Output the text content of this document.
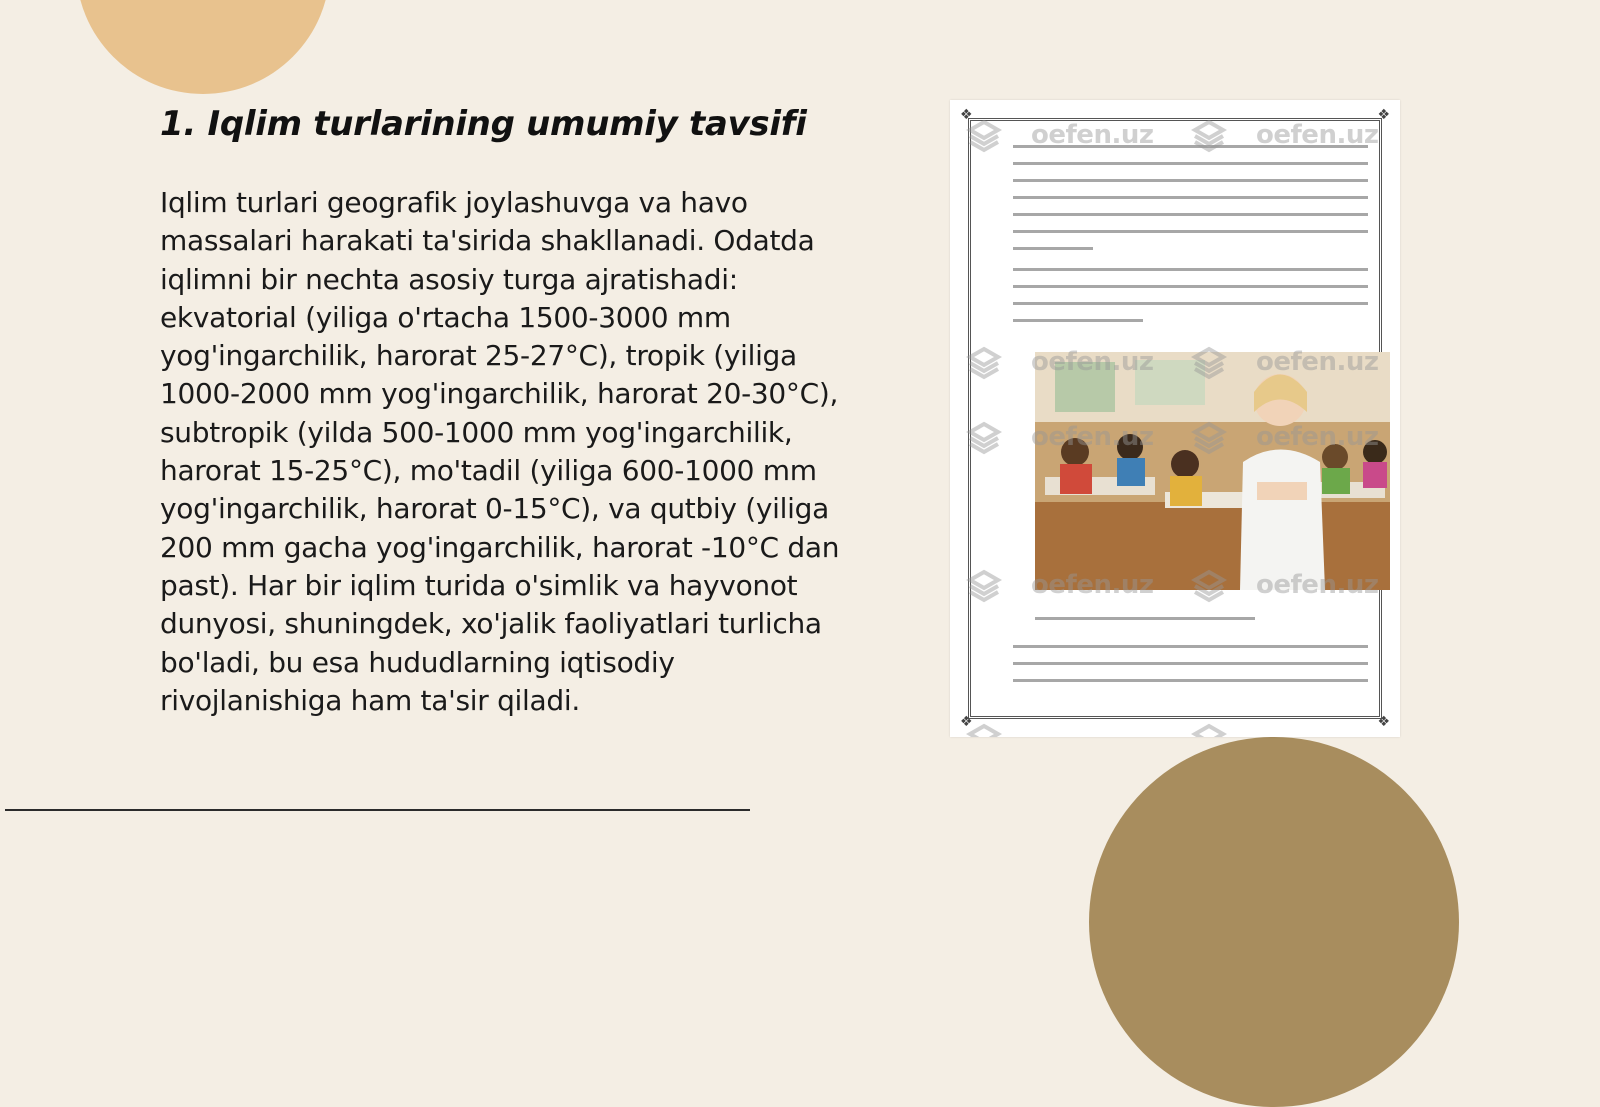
1. Iqlim turlarining umumiy tavsifi

Iqlim turlari geografik joylashuvga va havo massalari harakati ta'sirida shakllanadi. Odatda iqlimni bir nechta asosiy turga ajratishadi: ekvatorial (yiliga o'rtacha 1500-3000 mm yog'ingarchilik, harorat 25-27°C), tropik (yiliga 1000-2000 mm yog'ingarchilik, harorat 20-30°C), subtropik (yilda 500-1000 mm yog'ingarchilik, harorat 15-25°C), mo'tadil (yiliga 600-1000 mm yog'ingarchilik, harorat 0-15°C), va qutbiy (yiliga 200 mm gacha yog'ingarchilik, harorat -10°C dan past). Har bir iqlim turida o'simlik va hayvonot dunyosi, shuningdek, xo'jalik faoliyatlari turlicha bo'ladi, bu esa hududlarning iqtisodiy rivojlanishiga ham ta'sir qiladi.

❖	❖
❖	❖
oefen.uz	oefen.uz
oefen.uz	oefen.uz
oefen.uz	oefen.uz
oefen.uz	oefen.uz
